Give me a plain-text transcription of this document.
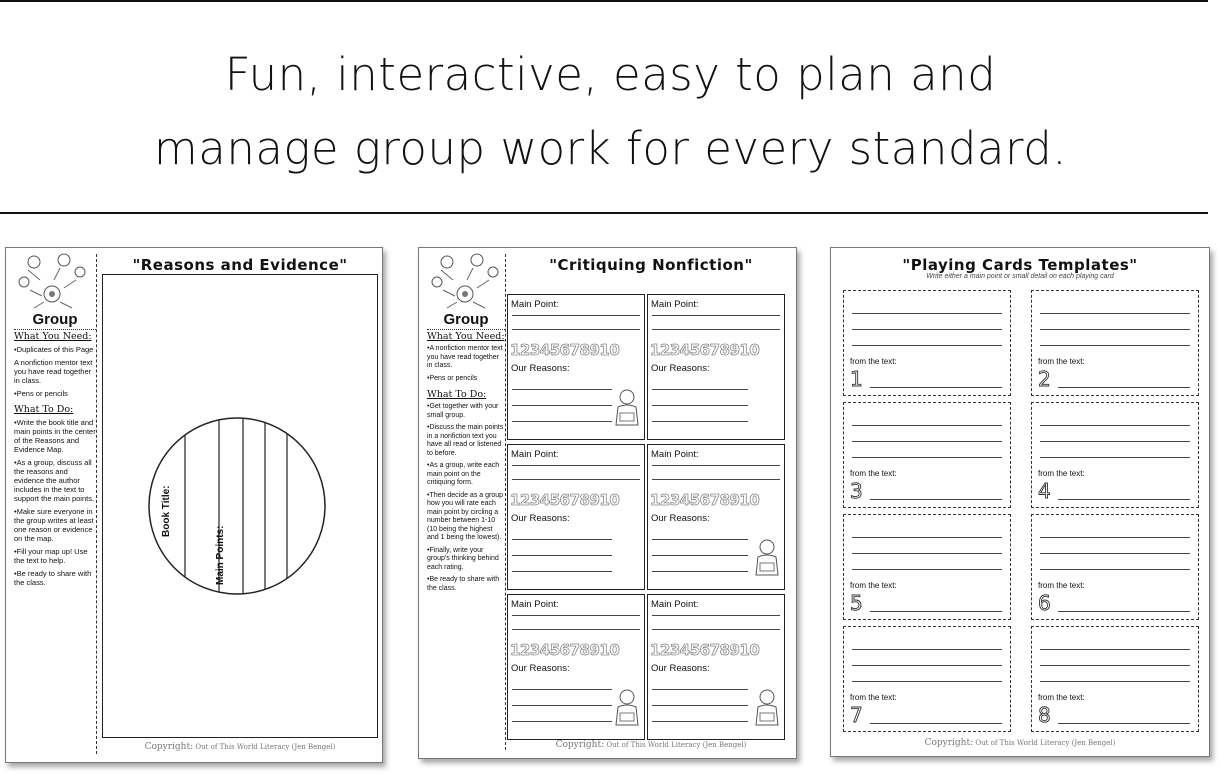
Fun, interactive, easy to plan and
manage group work for every standard.
Group
What You Need:

•Duplicates of this Page

A nonfiction mentor text you have read together in class.

•Pens or pencils

What To Do:

•Write the book title and main points in the center of the Reasons and Evidence Map.

•As a group, discuss all the reasons and evidence the author includes in the text to support the main points.

•Make sure everyone in the group writes at least one reason or evidence on the map.

•Fill your map up! Use the text to help.

•Be ready to share with the class.

"Reasons and Evidence"
Book Title:
Main Points:
Copyright: Out of This World Literacy (Jen Bengel)
Group
What You Need:

•A nonfiction mentor text you have read together in class.

•Pens or pencils

What To Do:

•Get together with your small group.

•Discuss the main points in a nonfiction text you have all read or listened to before.

•As a group, write each main point on the critiquing form.

•Then decide as a group how you will rate each main point by circling a number between 1-10 (10 being the highest and 1 being the lowest).

•Finally, write your group's thinking behind each rating.

•Be ready to share with the class.

"Critiquing Nonfiction"
Main Point:
12345678910
Our Reasons:
Main Point:
12345678910
Our Reasons:
Main Point:
12345678910
Our Reasons:
Main Point:
12345678910
Our Reasons:
Main Point:
12345678910
Our Reasons:
Main Point:
12345678910
Our Reasons:
Copyright: Out of This World Literacy (Jen Bengel)
"Playing Cards Templates"
Write either a main point or small detail on each playing card
from the text:
1
from the text:
2
from the text:
3
from the text:
4
from the text:
5
from the text:
6
from the text:
7
from the text:
8
Copyright: Out of This World Literacy (Jen Bengel)
